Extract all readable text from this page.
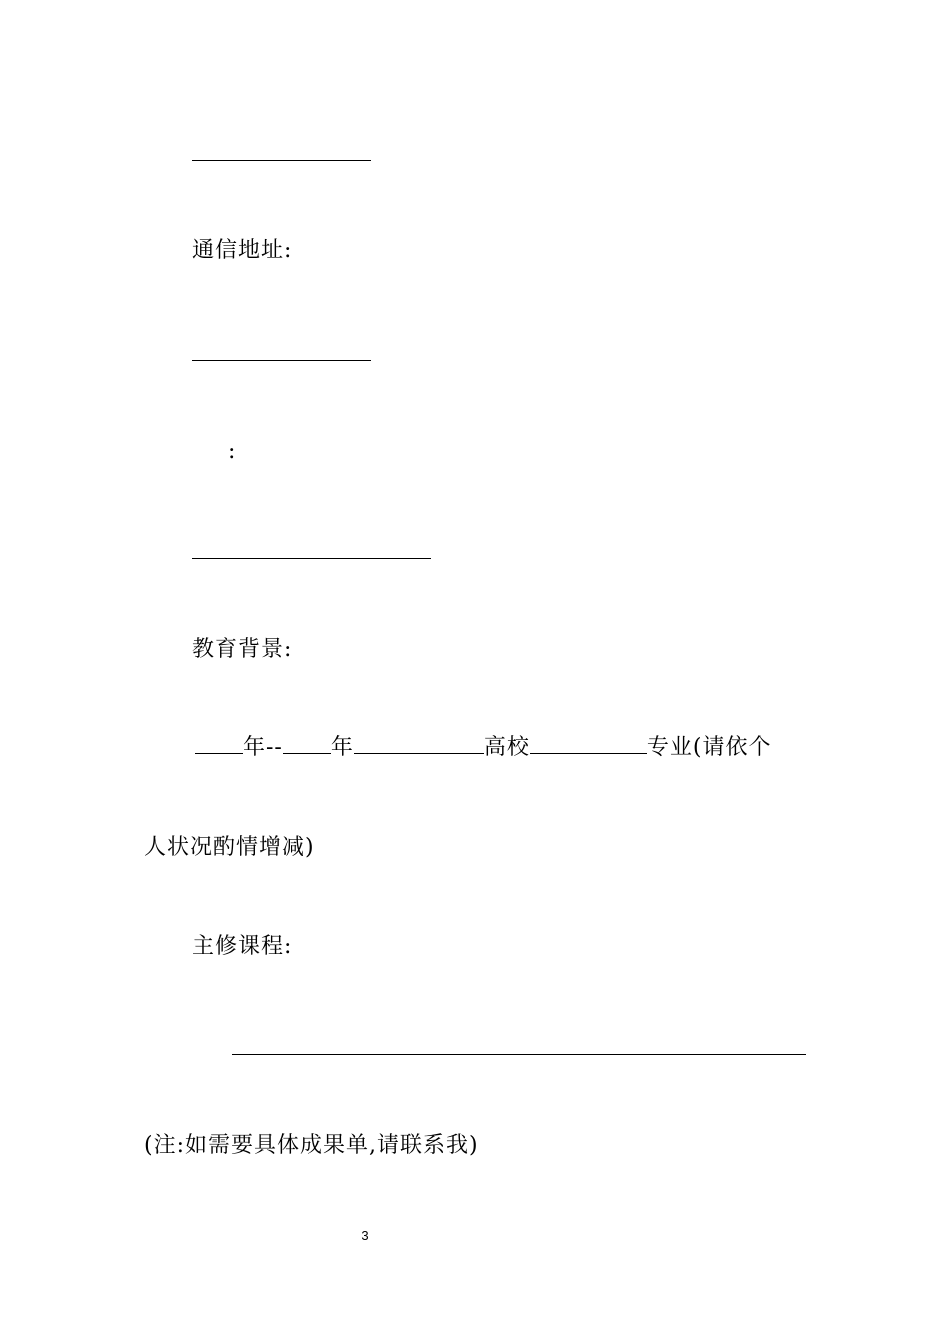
通信地址:
:
教育背景:
年-- 年	高校	专业(请依个
人状况酌情增减)
主修课程:
(注:如需要具体成果单,请联系我)
3
